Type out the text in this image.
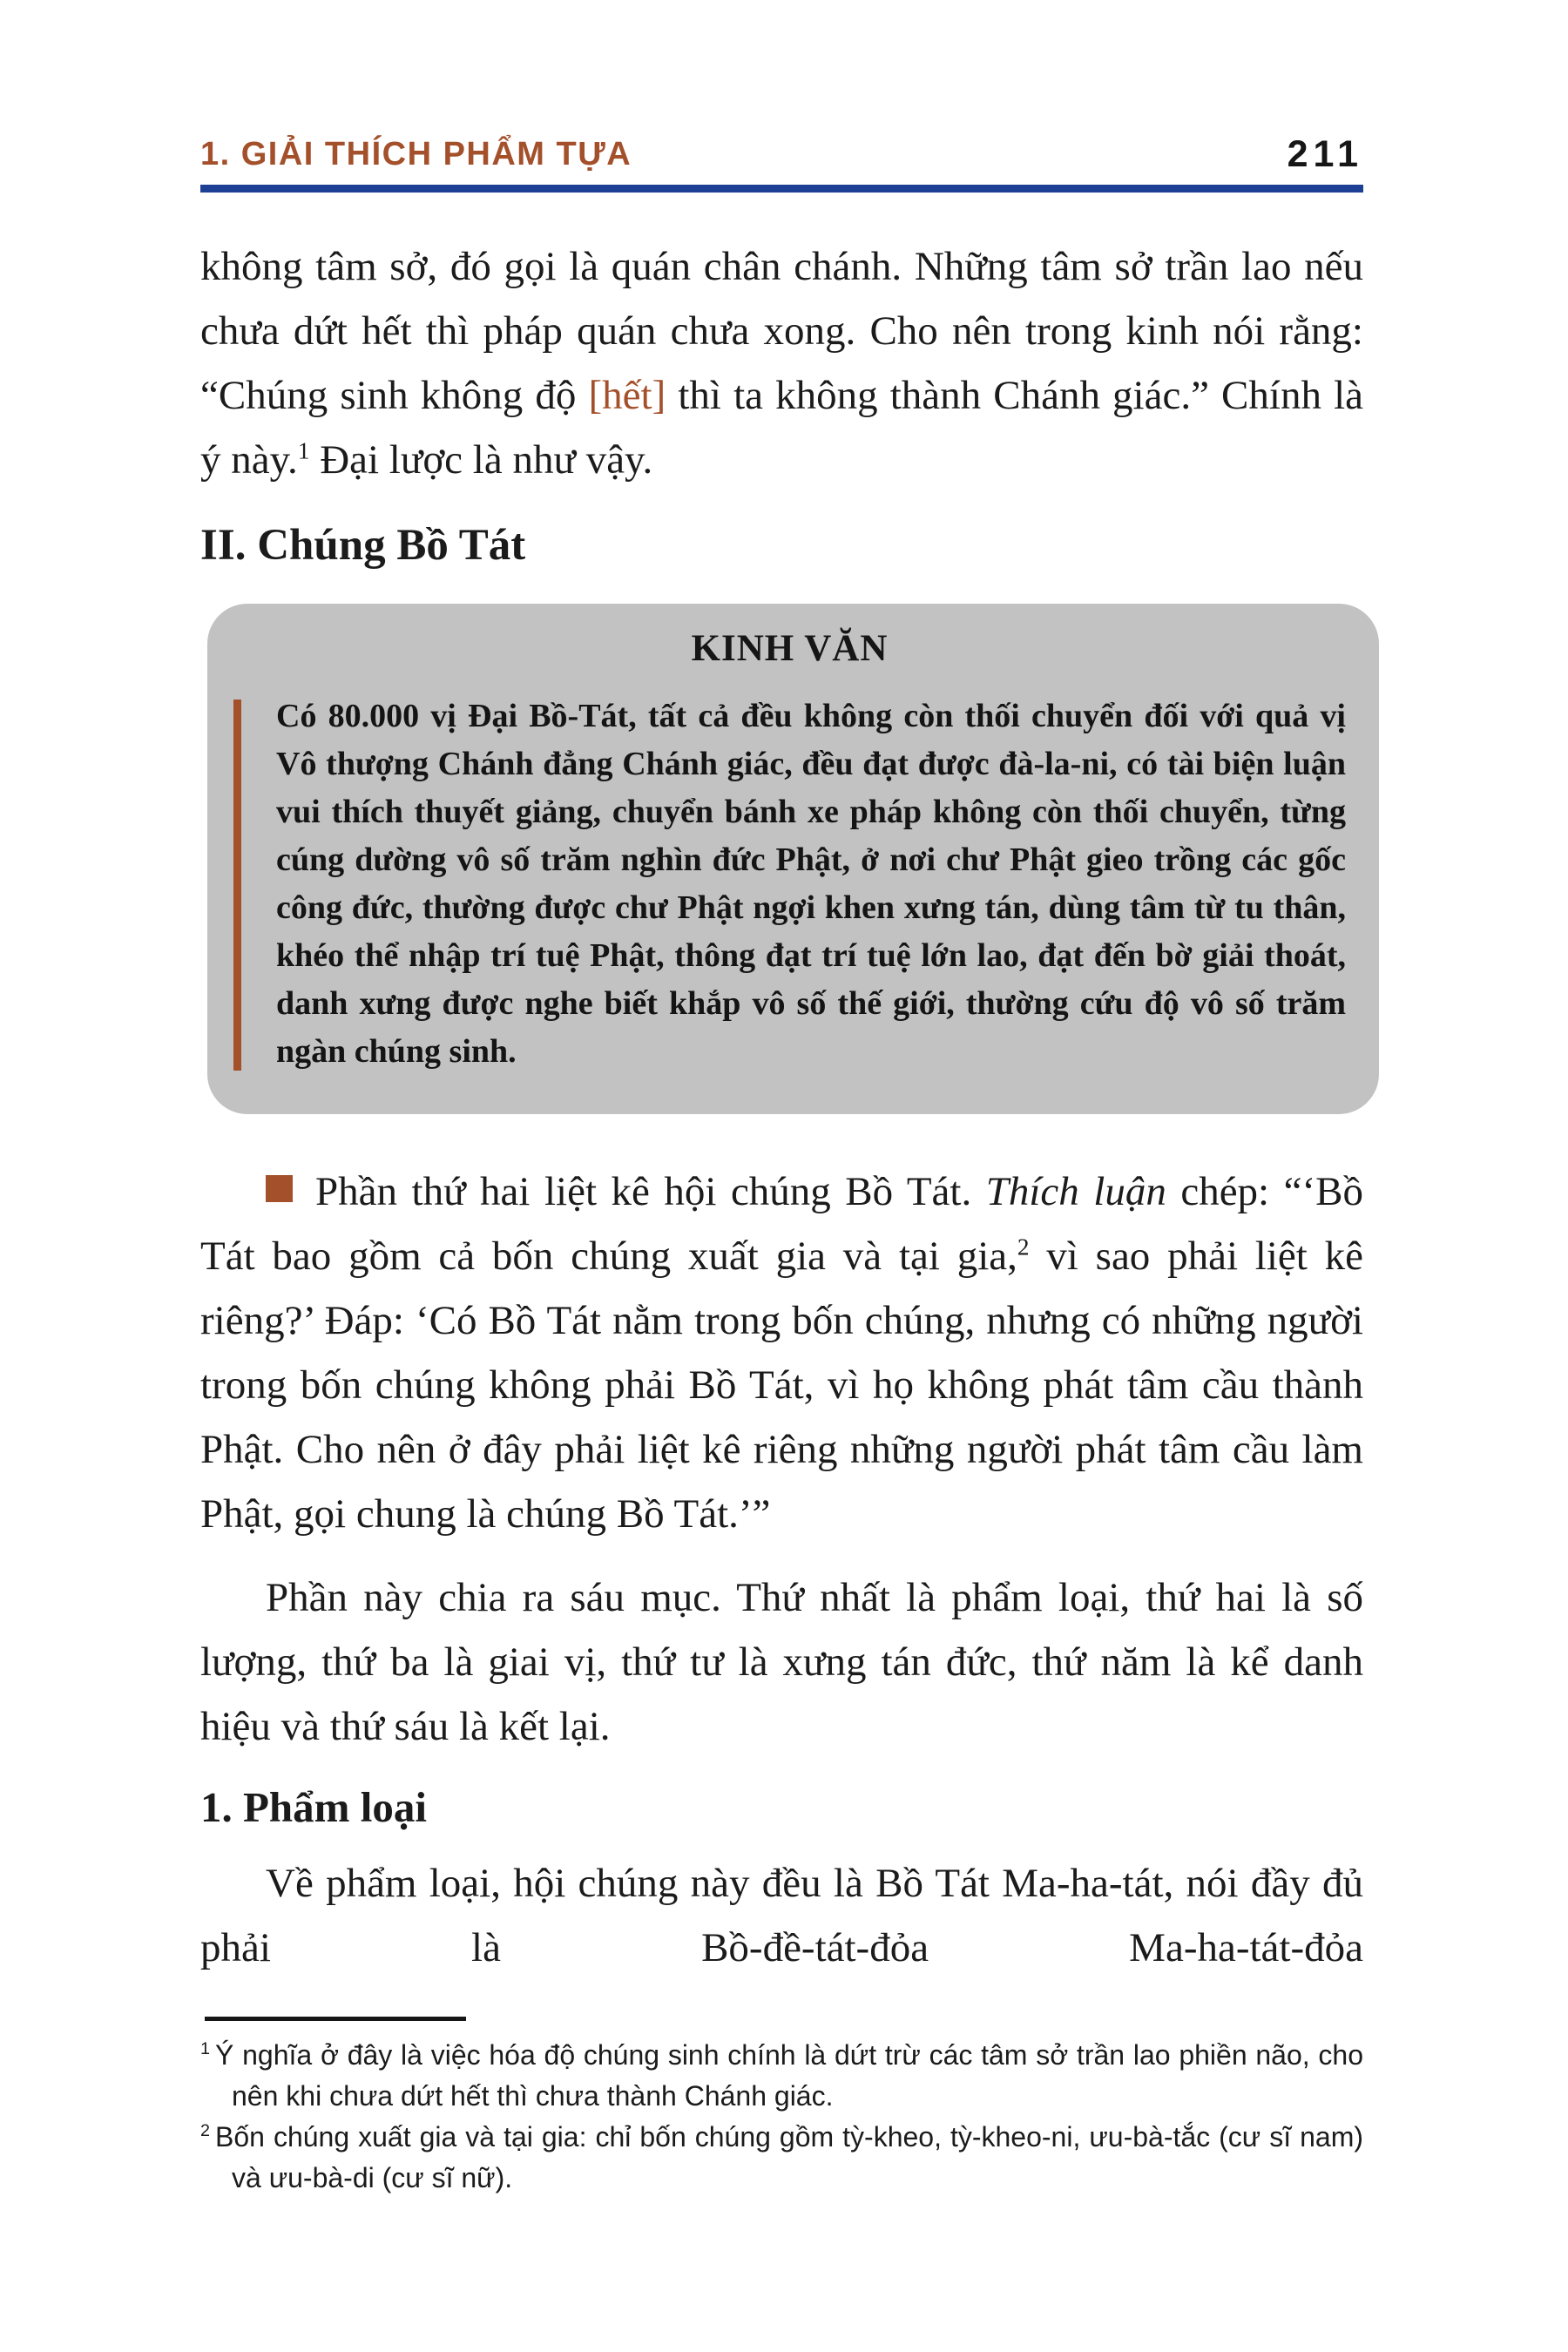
1. GIẢI THÍCH PHẨM TỰA	211

không tâm sở, đó gọi là quán chân chánh. Những tâm sở trần lao nếu chưa dứt hết thì pháp quán chưa xong. Cho nên trong kinh nói rằng: “Chúng sinh không độ [hết] thì ta không thành Chánh giác.” Chính là ý này.$^1$ Đại lược là như vậy.

II. Chúng Bồ Tát

KINH VĂN

Có 80.000 vị Đại Bồ-Tát, tất cả đều không còn thối chuyển đối với quả vị Vô thượng Chánh đẳng Chánh giác, đều đạt được đà-la-ni, có tài biện luận vui thích thuyết giảng, chuyển bánh xe pháp không còn thối chuyển, từng cúng dường vô số trăm nghìn đức Phật, ở nơi chư Phật gieo trồng các gốc công đức, thường được chư Phật ngợi khen xưng tán, dùng tâm từ tu thân, khéo thể nhập trí tuệ Phật, thông đạt trí tuệ lớn lao, đạt đến bờ giải thoát, danh xưng được nghe biết khắp vô số thế giới, thường cứu độ vô số trăm ngàn chúng sinh.

Phần thứ hai liệt kê hội chúng Bồ Tát. Thích luận chép: “‘Bồ Tát bao gồm cả bốn chúng xuất gia và tại gia,$^2$ vì sao phải liệt kê riêng?’ Đáp: ‘Có Bồ Tát nằm trong bốn chúng, nhưng có những người trong bốn chúng không phải Bồ Tát, vì họ không phát tâm cầu thành Phật. Cho nên ở đây phải liệt kê riêng những người phát tâm cầu làm Phật, gọi chung là chúng Bồ Tát.’”

Phần này chia ra sáu mục. Thứ nhất là phẩm loại, thứ hai là số lượng, thứ ba là giai vị, thứ tư là xưng tán đức, thứ năm là kể danh hiệu và thứ sáu là kết lại.

1. Phẩm loại

Về phẩm loại, hội chúng này đều là Bồ Tát Ma-ha-tát, nói đầy đủ phải là Bồ-đề-tát-đỏa Ma-ha-tát-đỏa

$^1$ Ý nghĩa ở đây là việc hóa độ chúng sinh chính là dứt trừ các tâm sở trần lao phiền não, cho nên khi chưa dứt hết thì chưa thành Chánh giác.

$^2$ Bốn chúng xuất gia và tại gia: chỉ bốn chúng gồm tỳ-kheo, tỳ-kheo-ni, ưu-bà-tắc (cư sĩ nam) và ưu-bà-di (cư sĩ nữ).
